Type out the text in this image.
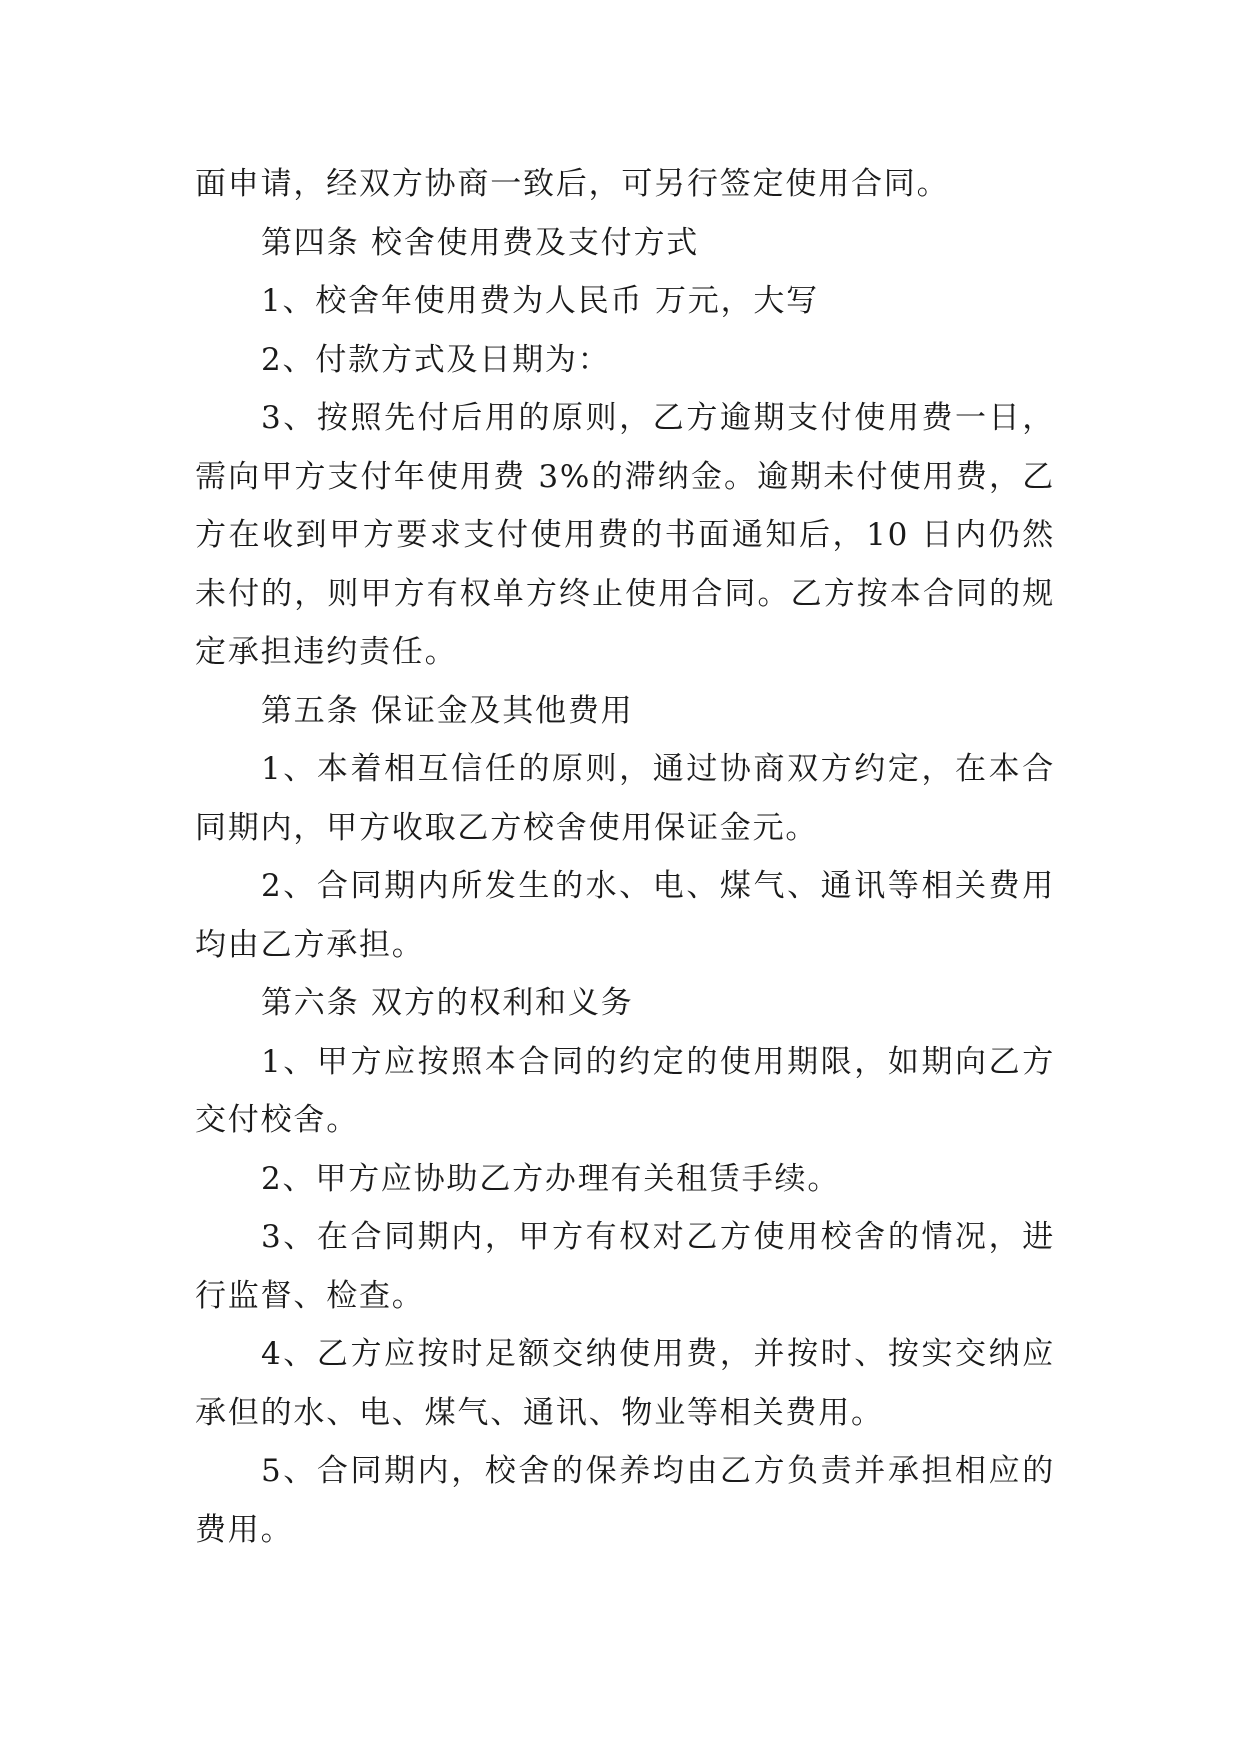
面申请，经双方协商一致后，可另行签定使用合同。

第四条 校舍使用费及支付方式

1、校舍年使用费为人民币 万元，大写

2、付款方式及日期为：

3、按照先付后用的原则，乙方逾期支付使用费一日，需向甲方支付年使用费 3%的滞纳金。逾期未付使用费，乙方在收到甲方要求支付使用费的书面通知后，10 日内仍然未付的，则甲方有权单方终止使用合同。乙方按本合同的规定承担违约责任。

第五条 保证金及其他费用

1、本着相互信任的原则，通过协商双方约定，在本合同期内，甲方收取乙方校舍使用保证金元。

2、合同期内所发生的水、电、煤气、通讯等相关费用均由乙方承担。

第六条 双方的权利和义务

1、甲方应按照本合同的约定的使用期限，如期向乙方交付校舍。

2、甲方应协助乙方办理有关租赁手续。

3、在合同期内，甲方有权对乙方使用校舍的情况，进行监督、检查。

4、乙方应按时足额交纳使用费，并按时、按实交纳应承但的水、电、煤气、通讯、物业等相关费用。

5、合同期内，校舍的保养均由乙方负责并承担相应的费用。
